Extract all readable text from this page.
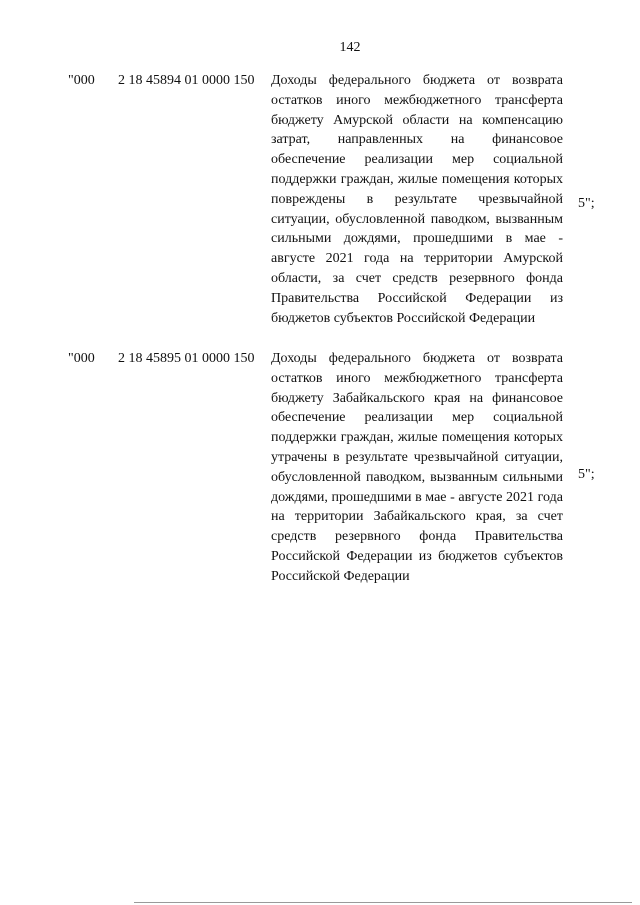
142
"000 2 18 45894 01 0000 150 Доходы федерального бюджета от возврата остатков иного межбюджетного трансферта бюджету Амурской области на компенсацию затрат, направленных на финансовое обеспечение реализации мер социальной поддержки граждан, жилые помещения которых повреждены в результате чрезвычайной ситуации, обусловленной паводком, вызванным сильными дождями, прошедшими в мае - августе 2021 года на территории Амурской области, за счет средств резервного фонда Правительства Российской Федерации из бюджетов субъектов Российской Федерации
5";
"000 2 18 45895 01 0000 150 Доходы федерального бюджета от возврата остатков иного межбюджетного трансферта бюджету Забайкальского края на финансовое обеспечение реализации мер социальной поддержки граждан, жилые помещения которых утрачены в результате чрезвычайной ситуации, обусловленной паводком, вызванным сильными дождями, прошедшими в мае - августе 2021 года на территории Забайкальского края, за счет средств резервного фонда Правительства Российской Федерации из бюджетов субъектов Российской Федерации
5";
